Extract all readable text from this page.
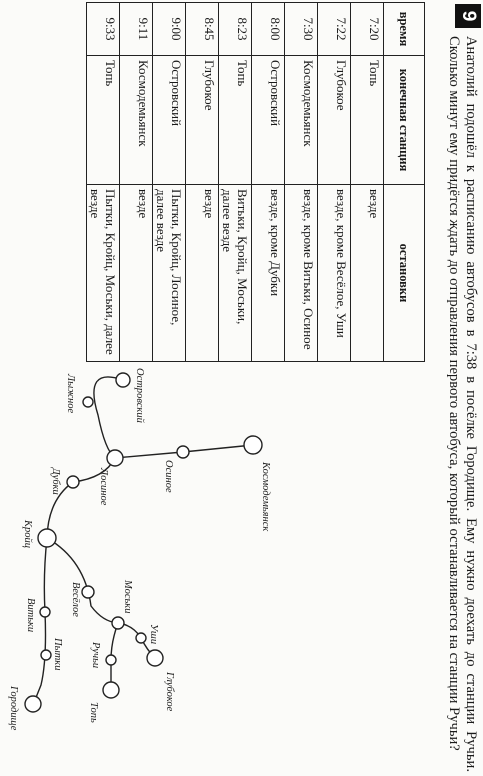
9
Анатолий подошёл к расписанию автобусов в 7:38 в посёлке Городище. Ему нужно доехать до станции Ручьи. Сколько минут ему придётся ждать до отправления первого автобуса, который останавливается на станции Ручьи?
время	конечная станция	остановки
7:20	Топь	везде
7:22	Глубокое	везде, кроме Весёлое, Уши
7:30	Космодемьянск	везде, кроме Витьки, Осиное
8:00	Островский	везде, кроме Дубки
8:23	Топь	Витьки, Кройц, Моськи, далее везде
8:45	Глубокое	везде
9:00	Островский	Пытки, Кройц, Лосиное, далее везде
9:11	Космодемьянск	везде
9:33	Топь	Пытки, Кройц, Моськи, далее везде
Космодемьянск
Островский
Лыжное
Осиное
Лосиное
Дубки
Кройц
Весёлое	Моськи
Уши
Глубокое
Ручьи
Топь
Витьки
Пытки
Городище
